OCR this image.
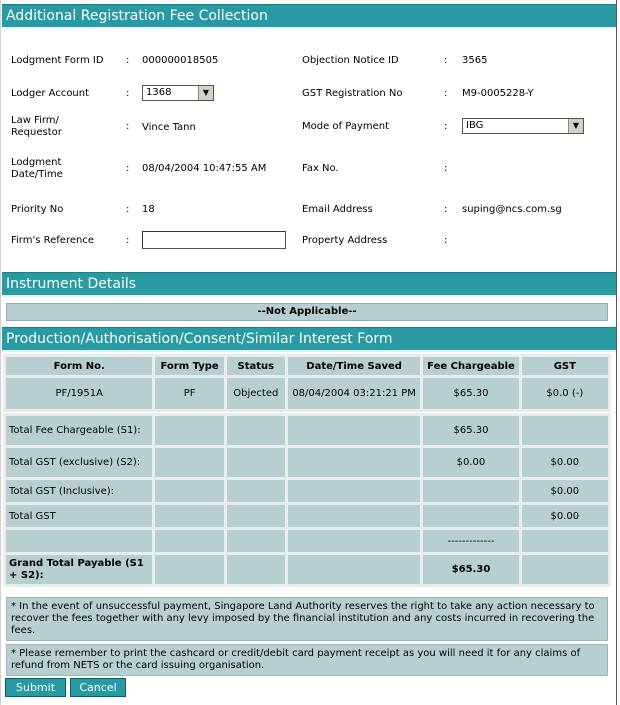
Additional Registration Fee Collection
Lodgment Form ID : 000000018505	Objection Notice ID	: 3565
Lodger Account	:	1368	▼	GST Registration No	: M9-0005228-Y
Law Firm/ Requestor
: Vince Tann	Mode of Payment	:	IBG	▼
Lodgment Date/Time
: 08/04/2004 10:47:55 AM	Fax No.	:
Priority No	: 18	Email Address	: suping@ncs.com.sg
Firm's Reference	:	Property Address	:
Instrument Details
--Not Applicable--
Production/Authorisation/Consent/Similar Interest Form
Form No.	Form Type	Status	Date/Time Saved	Fee Chargeable	GST
PF/1951A	PF	Objected	08/04/2004 03:21:21 PM	$65.30	$0.0 (-)
Total Fee Chargeable (S1):				$65.30	
Total GST (exclusive) (S2):				$0.00	$0.00
Total GST (Inclusive):					$0.00
Total GST					$0.00
				-------------	
Grand Total Payable (S1 + S2):				$65.30	
* In the event of unsuccessful payment, Singapore Land Authority reserves the right to take any action necessary to recover the fees together with any levy imposed by the financial institution and any costs incurred in recovering the fees.
* Please remember to print the cashcard or credit/debit card payment receipt as you will need it for any claims of refund from NETS or the card issuing organisation.
Submit	Cancel
